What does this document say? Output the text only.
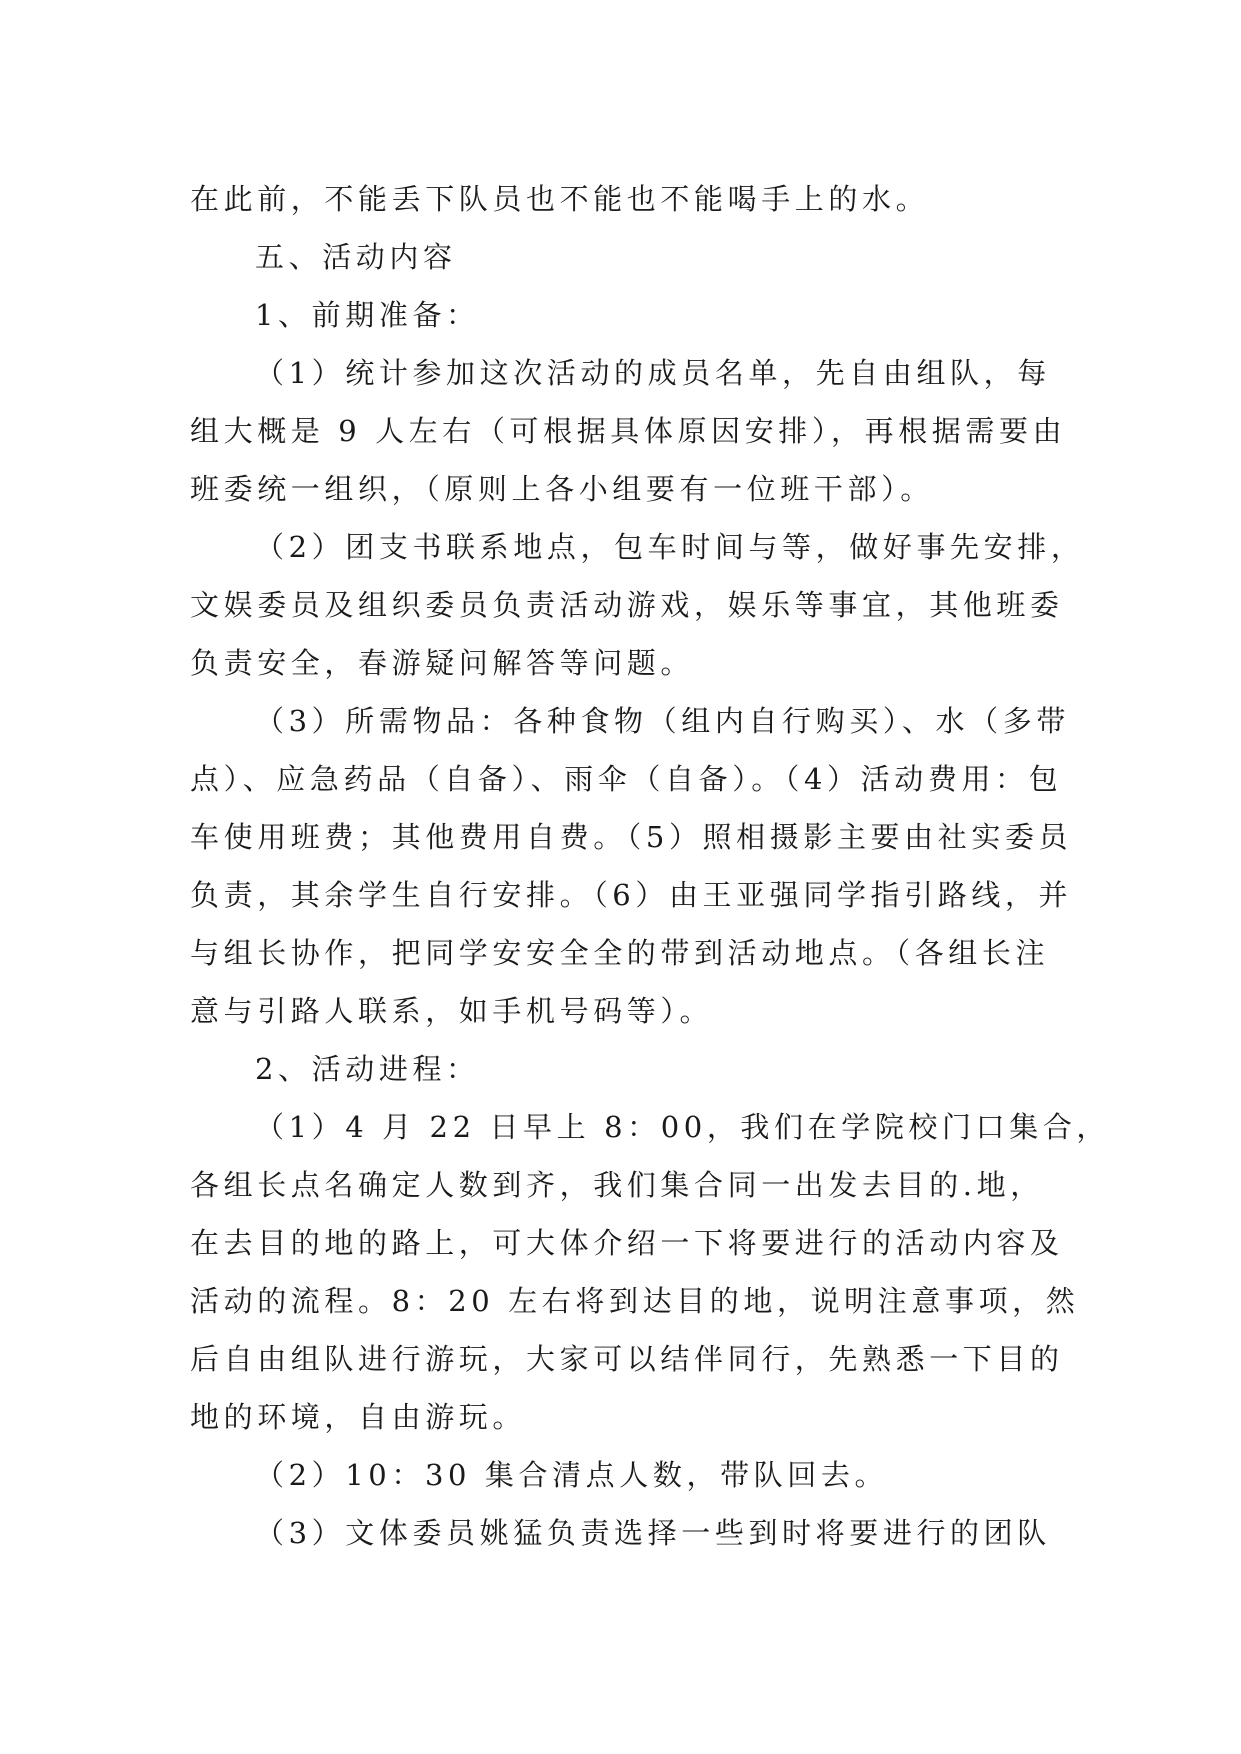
在此前，不能丢下队员也不能也不能喝手上的水。

五、活动内容

1、前期准备：

（1）统计参加这次活动的成员名单，先自由组队，每

组大概是 9 人左右（可根据具体原因安排），再根据需要由

班委统一组织，（原则上各小组要有一位班干部）。

（2）团支书联系地点，包车时间与等，做好事先安排，

文娱委员及组织委员负责活动游戏，娱乐等事宜，其他班委

负责安全，春游疑问解答等问题。

（3）所需物品：各种食物（组内自行购买）、水（多带

点）、应急药品（自备）、雨伞（自备）。（4）活动费用：包

车使用班费；其他费用自费。（5）照相摄影主要由社实委员

负责，其余学生自行安排。（6）由王亚强同学指引路线，并

与组长协作，把同学安安全全的带到活动地点。（各组长注

意与引路人联系，如手机号码等）。

2、活动进程：

（1）4 月 22 日早上 8：00，我们在学院校门口集合，

各组长点名确定人数到齐，我们集合同一出发去目的.地，

在去目的地的路上，可大体介绍一下将要进行的活动内容及

活动的流程。8：20 左右将到达目的地，说明注意事项，然

后自由组队进行游玩，大家可以结伴同行，先熟悉一下目的

地的环境，自由游玩。

（2）10：30 集合清点人数，带队回去。

（3）文体委员姚猛负责选择一些到时将要进行的团队
